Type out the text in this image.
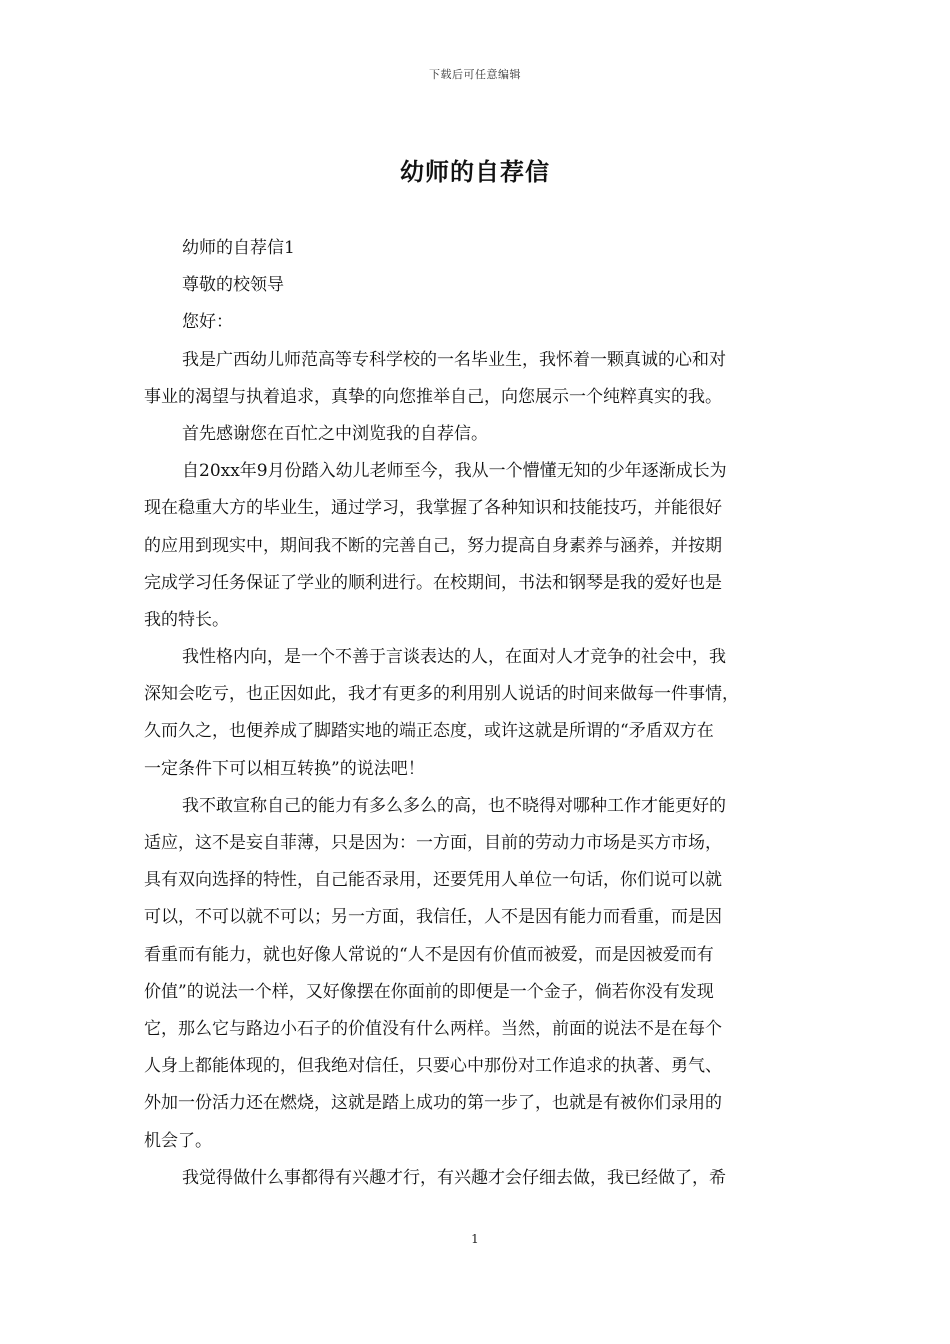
下载后可任意编辑
幼师的自荐信
幼师的自荐信1
尊敬的校领导
您好：
我是广西幼儿师范高等专科学校的一名毕业生，我怀着一颗真诚的心和对
事业的渴望与执着追求，真挚的向您推举自己，向您展示一个纯粹真实的我。
首先感谢您在百忙之中浏览我的自荐信。
自20xx年9月份踏入幼儿老师至今，我从一个懵懂无知的少年逐渐成长为
现在稳重大方的毕业生，通过学习，我掌握了各种知识和技能技巧，并能很好
的应用到现实中，期间我不断的完善自己，努力提高自身素养与涵养，并按期
完成学习任务保证了学业的顺利进行。在校期间，书法和钢琴是我的爱好也是
我的特长。
我性格内向，是一个不善于言谈表达的人，在面对人才竞争的社会中，我
深知会吃亏，也正因如此，我才有更多的利用别人说话的时间来做每一件事情，
久而久之，也便养成了脚踏实地的端正态度，或许这就是所谓的“矛盾双方在
一定条件下可以相互转换”的说法吧！
我不敢宣称自己的能力有多么多么的高，也不晓得对哪种工作才能更好的
适应，这不是妄自菲薄，只是因为：一方面，目前的劳动力市场是买方市场，
具有双向选择的特性，自己能否录用，还要凭用人单位一句话，你们说可以就
可以，不可以就不可以；另一方面，我信任，人不是因有能力而看重，而是因
看重而有能力，就也好像人常说的“人不是因有价值而被爱，而是因被爱而有
价值”的说法一个样，又好像摆在你面前的即便是一个金子，倘若你没有发现
它，那么它与路边小石子的价值没有什么两样。当然，前面的说法不是在每个
人身上都能体现的，但我绝对信任，只要心中那份对工作追求的执著、勇气、
外加一份活力还在燃烧，这就是踏上成功的第一步了，也就是有被你们录用的
机会了。
我觉得做什么事都得有兴趣才行，有兴趣才会仔细去做，我已经做了，希
1
